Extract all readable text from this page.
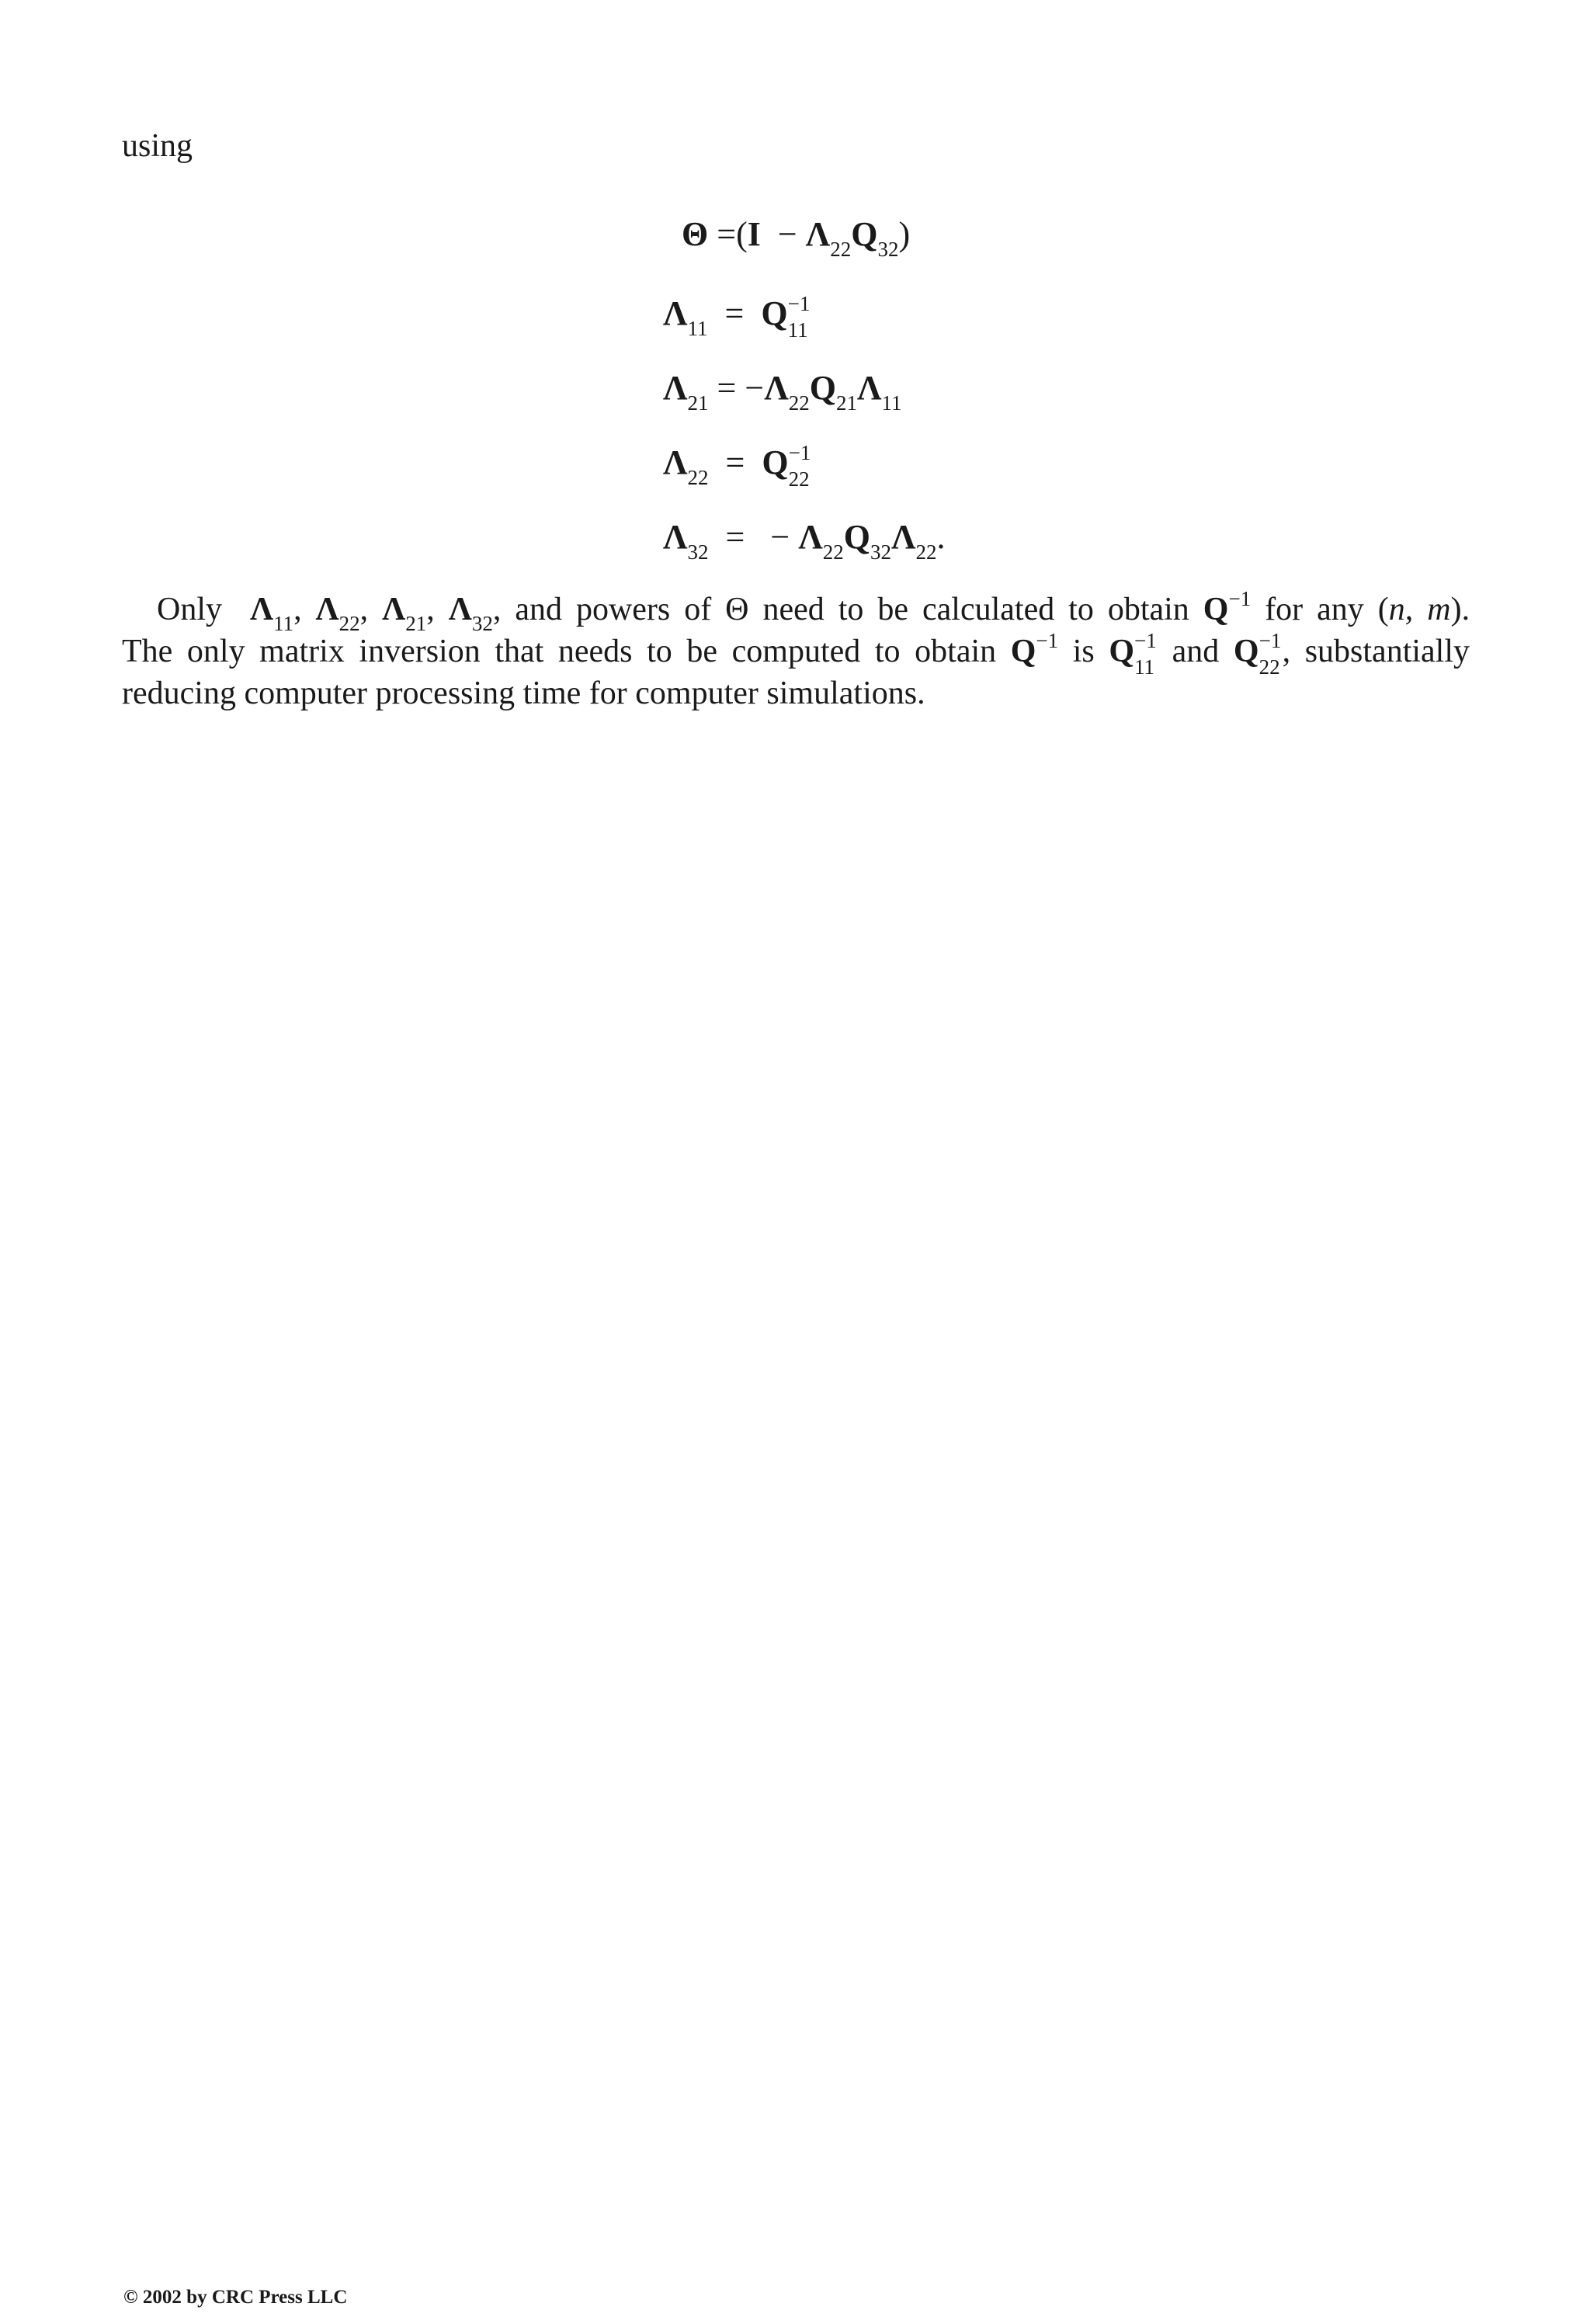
using
$\Theta =(I - \Lambda_{22}Q_{32})$
$\Lambda_{11} = Q -1$
11
$\Lambda_{21} = -\Lambda_{22}Q_{21}\Lambda_{11}$
$\Lambda_{22} = Q -1$
22
$\Lambda_{32}$ = − $\Lambda_{22}Q_{32}\Lambda_{22}$.
Only $\Lambda_{11}$, $\Lambda_{22}$, $\Lambda_{21}$, $\Lambda_{32}$, and powers of Θ need to be calculated to obtain $Q^{-1}$ for any (n, m).
The only matrix inversion that needs to be computed to obtain $Q^{-1}$ is Q −1
11 and Q −1
22 , substantially
reducing computer processing time for computer simulations.
© 2002 by CRC Press LLC
